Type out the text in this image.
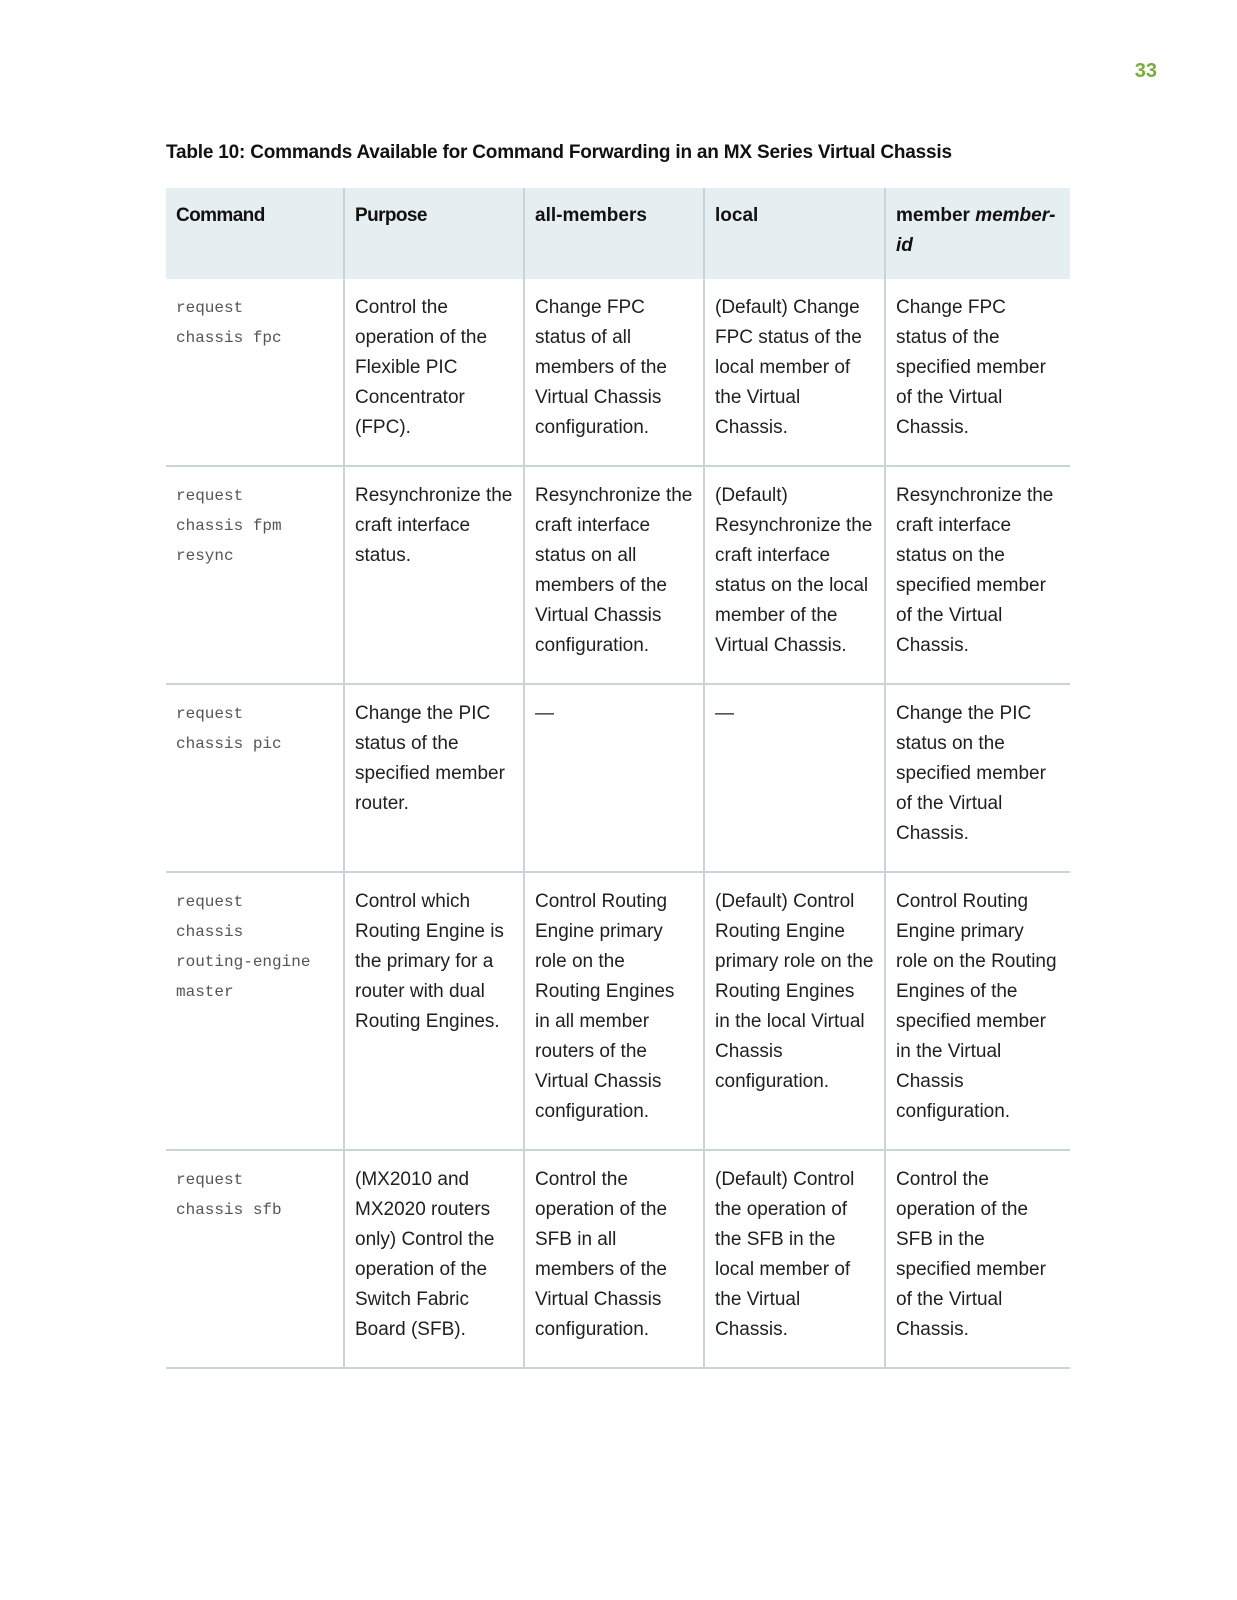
33
Table 10: Commands Available for Command Forwarding in an MX Series Virtual Chassis
Command	Purpose	all-members	local	member member-id

request
chassis fpc	Control the operation of the Flexible PIC Concentrator (FPC).	Change FPC status of all members of the Virtual Chassis configuration.	(Default) Change FPC status of the local member of the Virtual Chassis.	Change FPC status of the specified member of the Virtual Chassis.

request
chassis fpm
resync	Resynchronize the craft interface status.	Resynchronize the craft interface status on all members of the Virtual Chassis configuration.	(Default) Resynchronize the craft interface status on the local member of the Virtual Chassis.	Resynchronize the craft interface status on the specified member of the Virtual Chassis.

request
chassis pic	Change the PIC status of the specified member router.	—	—	Change the PIC status on the specified member of the Virtual Chassis.

request
chassis
routing-engine
master	Control which Routing Engine is the primary for a router with dual Routing Engines.	Control Routing Engine primary role on the Routing Engines in all member routers of the Virtual Chassis configuration.	(Default) Control Routing Engine primary role on the Routing Engines in the local Virtual Chassis configuration.	Control Routing Engine primary role on the Routing Engines of the specified member in the Virtual Chassis configuration.

request
chassis sfb	(MX2010 and MX2020 routers only) Control the operation of the Switch Fabric Board (SFB).	Control the operation of the SFB in all members of the Virtual Chassis configuration.	(Default) Control the operation of the SFB in the local member of the Virtual Chassis.	Control the operation of the SFB in the specified member of the Virtual Chassis.
